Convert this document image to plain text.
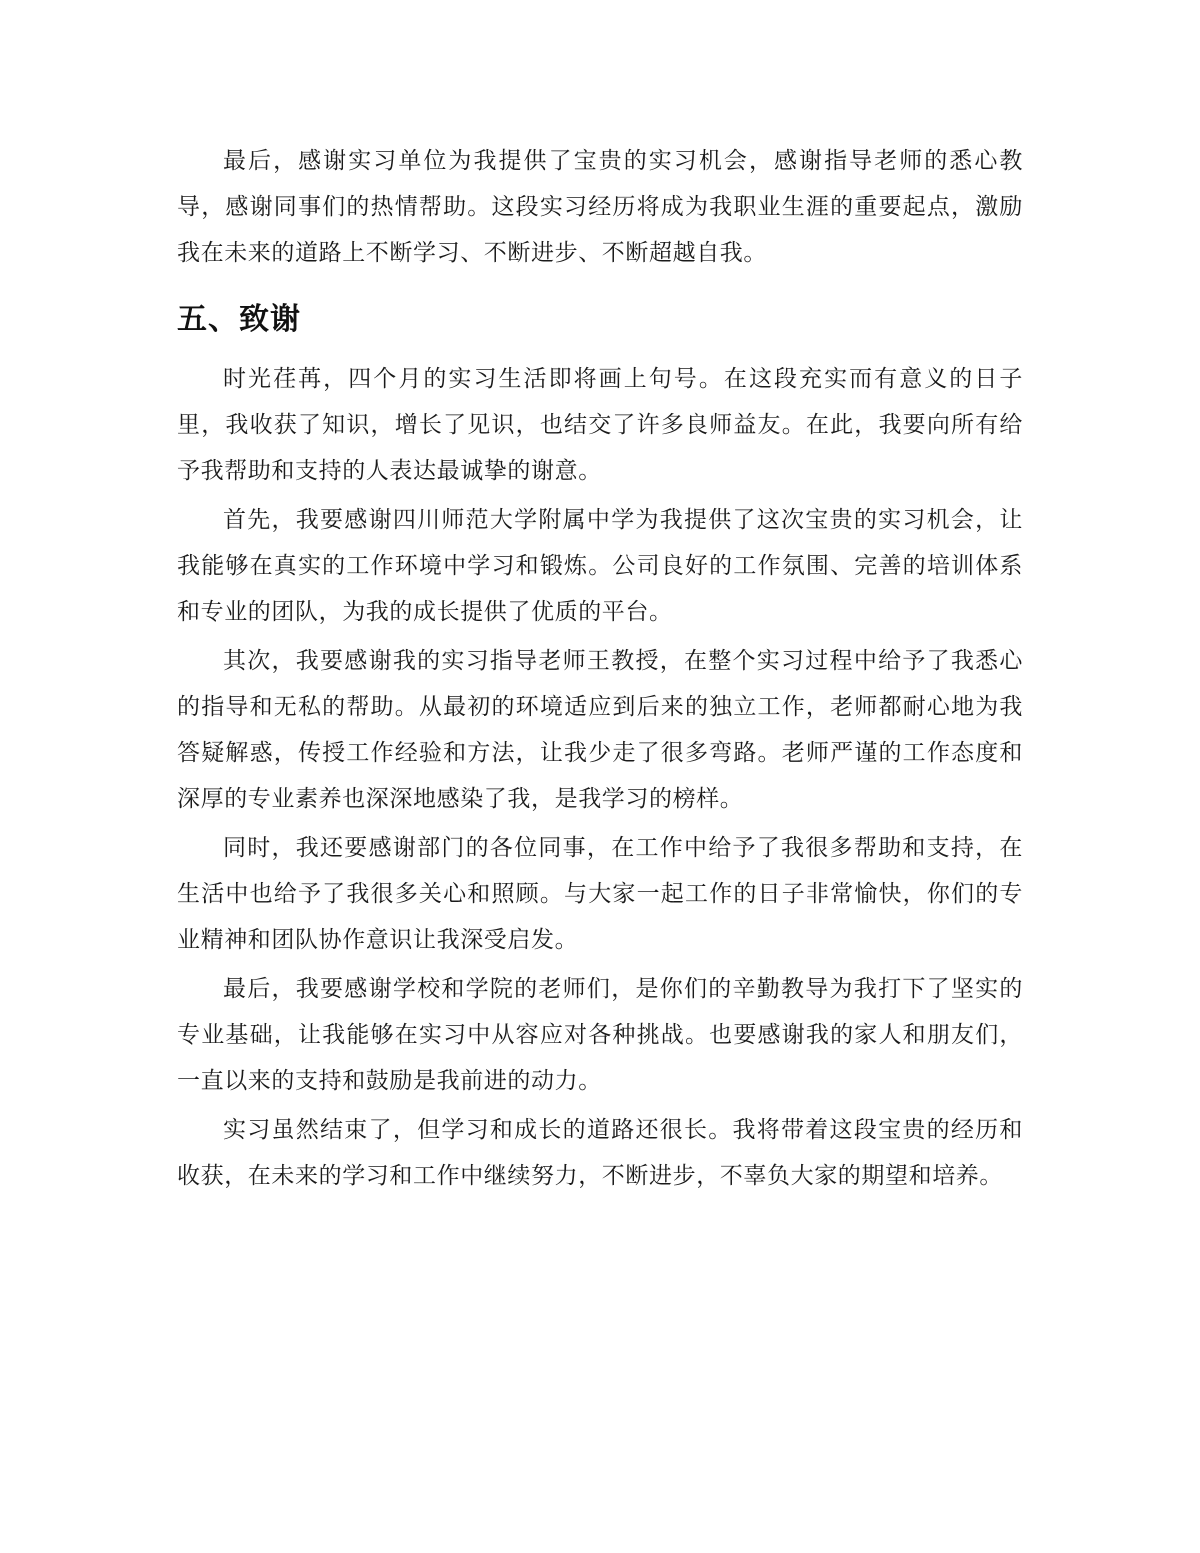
最后，感谢实习单位为我提供了宝贵的实习机会，感谢指导老师的悉心教导，感谢同事们的热情帮助。这段实习经历将成为我职业生涯的重要起点，激励我在未来的道路上不断学习、不断进步、不断超越自我。

五、致谢

时光荏苒，四个月的实习生活即将画上句号。在这段充实而有意义的日子里，我收获了知识，增长了见识，也结交了许多良师益友。在此，我要向所有给予我帮助和支持的人表达最诚挚的谢意。

首先，我要感谢四川师范大学附属中学为我提供了这次宝贵的实习机会，让我能够在真实的工作环境中学习和锻炼。公司良好的工作氛围、完善的培训体系和专业的团队，为我的成长提供了优质的平台。

其次，我要感谢我的实习指导老师王教授，在整个实习过程中给予了我悉心的指导和无私的帮助。从最初的环境适应到后来的独立工作，老师都耐心地为我答疑解惑，传授工作经验和方法，让我少走了很多弯路。老师严谨的工作态度和深厚的专业素养也深深地感染了我，是我学习的榜样。

同时，我还要感谢部门的各位同事，在工作中给予了我很多帮助和支持，在生活中也给予了我很多关心和照顾。与大家一起工作的日子非常愉快，你们的专业精神和团队协作意识让我深受启发。

最后，我要感谢学校和学院的老师们，是你们的辛勤教导为我打下了坚实的专业基础，让我能够在实习中从容应对各种挑战。也要感谢我的家人和朋友们，一直以来的支持和鼓励是我前进的动力。

实习虽然结束了，但学习和成长的道路还很长。我将带着这段宝贵的经历和收获，在未来的学习和工作中继续努力，不断进步，不辜负大家的期望和培养。
